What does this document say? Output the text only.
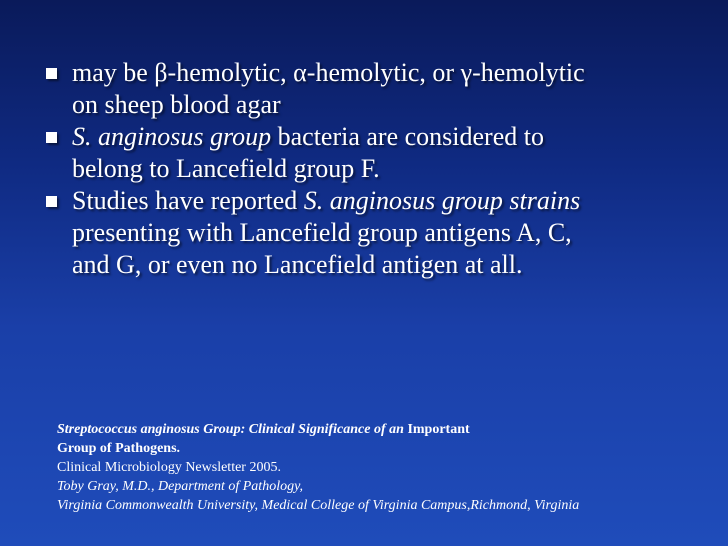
may be β-hemolytic, α-hemolytic, or γ-hemolytic
on sheep blood agar
S. anginosus group bacteria are considered to
belong to Lancefield group F.
Studies have reported S. anginosus group strains
presenting with Lancefield group antigens A, C,
and G, or even no Lancefield antigen at all.
Streptococcus anginosus Group: Clinical Significance of an Important
Group of Pathogens.
Clinical Microbiology Newsletter 2005.
Toby Gray, M.D., Department of Pathology,
Virginia Commonwealth University, Medical College of Virginia Campus,Richmond, Virginia
